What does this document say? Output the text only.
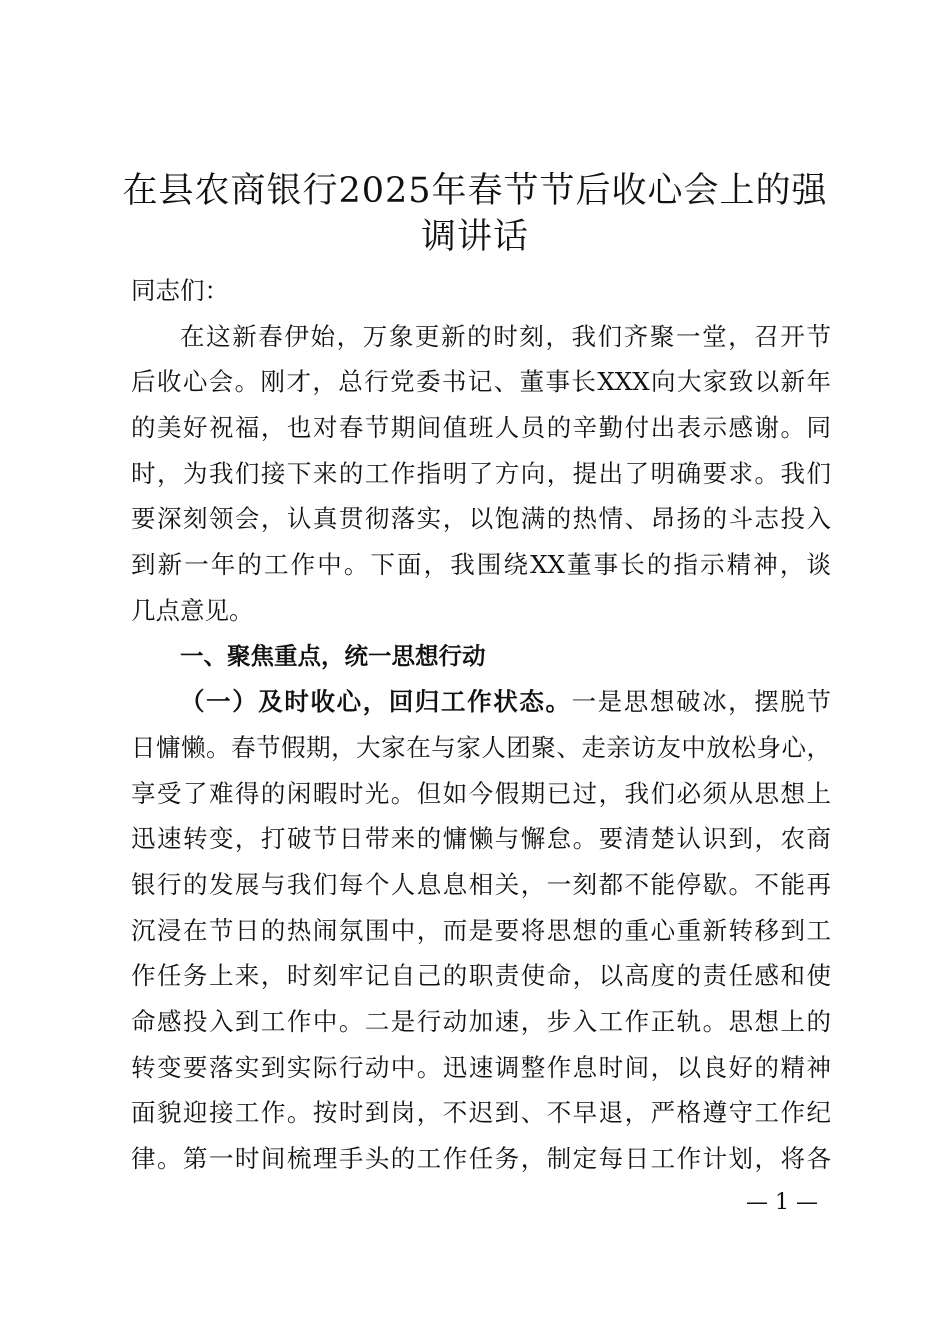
在县农商银行2025年春节节后收心会上的强
调讲话
同志们：
在这新春伊始，万象更新的时刻，我们齐聚一堂，召开节
后收心会。刚才，总行党委书记、董事长XXX向大家致以新年
的美好祝福，也对春节期间值班人员的辛勤付出表示感谢。同
时，为我们接下来的工作指明了方向，提出了明确要求。我们
要深刻领会，认真贯彻落实，以饱满的热情、昂扬的斗志投入
到新一年的工作中。下面，我围绕XX董事长的指示精神，谈
几点意见。
一、聚焦重点，统一思想行动
（一）及时收心，回归工作状态。一是思想破冰，摆脱节
日慵懒。春节假期，大家在与家人团聚、走亲访友中放松身心，
享受了难得的闲暇时光。但如今假期已过，我们必须从思想上
迅速转变，打破节日带来的慵懒与懈怠。要清楚认识到，农商
银行的发展与我们每个人息息相关，一刻都不能停歇。不能再
沉浸在节日的热闹氛围中，而是要将思想的重心重新转移到工
作任务上来，时刻牢记自己的职责使命，以高度的责任感和使
命感投入到工作中。二是行动加速，步入工作正轨。思想上的
转变要落实到实际行动中。迅速调整作息时间，以良好的精神
面貌迎接工作。按时到岗，不迟到、不早退，严格遵守工作纪
律。第一时间梳理手头的工作任务，制定每日工作计划，将各
— 1 —
